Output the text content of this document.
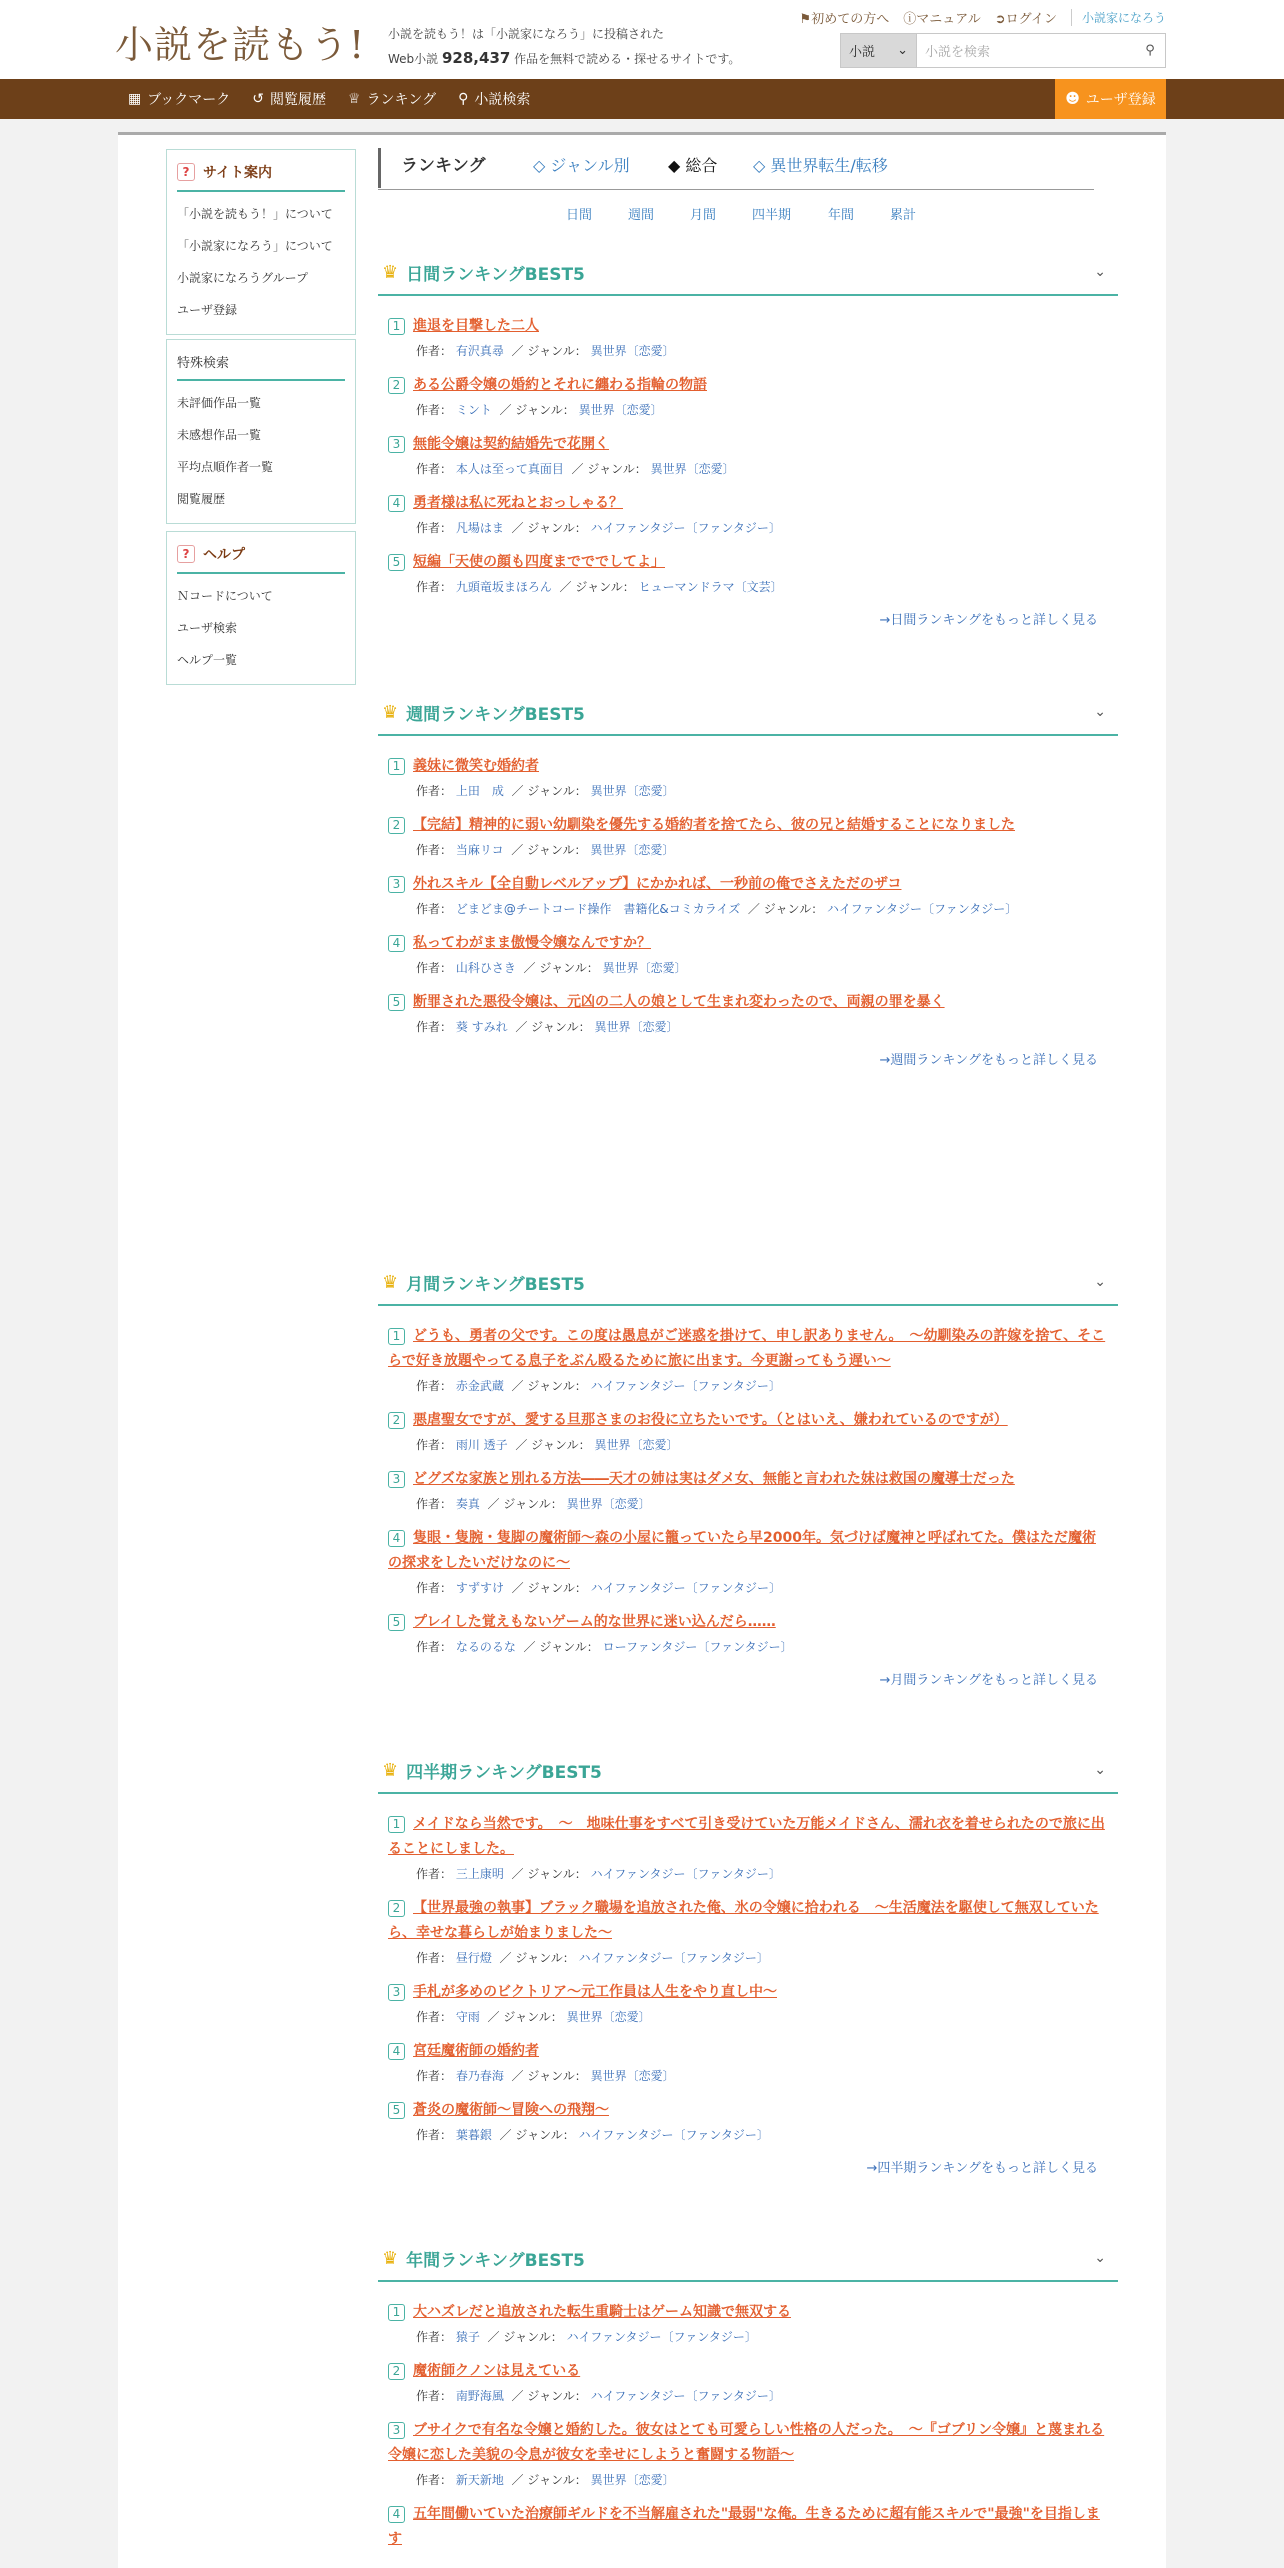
小説を読もう! 小説を読もう！は「小説家になろう」に投稿された
Web小説 928,437 作品を無料で読める・探せるサイトです。
⚑初めての方へ ⓘマニュアル ➲ログイン	小説家になろう
小説 ⌄	小説を検索	⚲
▦ ブックマーク ↺ 閲覧履歴 ♕ ランキング ⚲ 小説検索	☻ ユーザ登録
? サイト案内
「小説を読もう！」について
「小説家になろう」について
小説家になろうグループ
ユーザ登録
特殊検索
未評価作品一覧
未感想作品一覧
平均点順作者一覧
閲覧履歴
? ヘルプ
Ｎコードについて
ユーザ検索
ヘルプ一覧
ランキング	◇ ジャンル別 ◆ 総合 ◇ 異世界転生/転移
日間	週間	月間	四半期	年間	累計
♛ 日間ランキングBEST5	⌄
1 進退を目撃した二人
作者： 有沢真尋 ／ ジャンル： 異世界〔恋愛〕
2 ある公爵令嬢の婚約とそれに纏わる指輪の物語
作者： ミント ／ ジャンル： 異世界〔恋愛〕
3 無能令嬢は契約結婚先で花開く
作者： 本人は至って真面目 ／ ジャンル： 異世界〔恋愛〕
4 勇者様は私に死ねとおっしゃる？
作者： 凡場はま ／ ジャンル： ハイファンタジー〔ファンタジー〕
5 短編「天使の顔も四度までででしてよ」
作者： 九頭竜坂まほろん ／ ジャンル： ヒューマンドラマ〔文芸〕
→日間ランキングをもっと詳しく見る
♛ 週間ランキングBEST5	⌄
1 義妹に微笑む婚約者
作者： 上田　成 ／ ジャンル： 異世界〔恋愛〕
2 【完結】精神的に弱い幼馴染を優先する婚約者を捨てたら、彼の兄と結婚することになりました
作者： 当麻リコ ／ ジャンル： 異世界〔恋愛〕
3 外れスキル【全自動レベルアップ】にかかれば、一秒前の俺でさえただのザコ
作者： どまどま@チートコード操作　書籍化&コミカライズ ／ ジャンル： ハイファンタジー〔ファンタジー〕
4 私ってわがまま傲慢令嬢なんですか？
作者： 山科ひさき ／ ジャンル： 異世界〔恋愛〕
5 断罪された悪役令嬢は、元凶の二人の娘として生まれ変わったので、両親の罪を暴く
作者： 葵 すみれ ／ ジャンル： 異世界〔恋愛〕
→週間ランキングをもっと詳しく見る
♛ 月間ランキングBEST5	⌄
1 どうも、勇者の父です。この度は愚息がご迷惑を掛けて、申し訳ありません。　〜幼馴染みの許嫁を捨て、そこらで好き放題やってる息子をぶん殴るために旅に出ます。今更謝ってもう遅い〜
作者： 赤金武蔵 ／ ジャンル： ハイファンタジー〔ファンタジー〕
2 悪虐聖女ですが、愛する旦那さまのお役に立ちたいです。（とはいえ、嫌われているのですが）
作者： 雨川 透子 ／ ジャンル： 異世界〔恋愛〕
3 どグズな家族と別れる方法――天才の姉は実はダメ女、無能と言われた妹は救国の魔導士だった
作者： 奏真 ／ ジャンル： 異世界〔恋愛〕
4 隻眼・隻腕・隻脚の魔術師～森の小屋に籠っていたら早2000年。気づけば魔神と呼ばれてた。僕はただ魔術の探求をしたいだけなのに～
作者： すずすけ ／ ジャンル： ハイファンタジー〔ファンタジー〕
5 プレイした覚えもないゲーム的な世界に迷い込んだら……
作者： なるのるな ／ ジャンル： ローファンタジー〔ファンタジー〕
→月間ランキングをもっと詳しく見る
♛ 四半期ランキングBEST5	⌄
1 メイドなら当然です。　～　地味仕事をすべて引き受けていた万能メイドさん、濡れ衣を着せられたので旅に出ることにしました。
作者： 三上康明 ／ ジャンル： ハイファンタジー〔ファンタジー〕
2 【世界最強の執事】ブラック職場を追放された俺、氷の令嬢に拾われる　～生活魔法を駆使して無双していたら、幸せな暮らしが始まりました～
作者： 昼行燈 ／ ジャンル： ハイファンタジー〔ファンタジー〕
3 手札が多めのビクトリア〜元工作員は人生をやり直し中〜
作者： 守雨 ／ ジャンル： 異世界〔恋愛〕
4 宮廷魔術師の婚約者
作者： 春乃春海 ／ ジャンル： 異世界〔恋愛〕
5 蒼炎の魔術師〜冒険への飛翔〜
作者： 葉暮銀 ／ ジャンル： ハイファンタジー〔ファンタジー〕
→四半期ランキングをもっと詳しく見る
♛ 年間ランキングBEST5	⌄
1 大ハズレだと追放された転生重騎士はゲーム知識で無双する
作者： 猿子 ／ ジャンル： ハイファンタジー〔ファンタジー〕
2 魔術師クノンは見えている
作者： 南野海風 ／ ジャンル： ハイファンタジー〔ファンタジー〕
3 ブサイクで有名な令嬢と婚約した。彼女はとても可愛らしい性格の人だった。　～『ゴブリン令嬢』と蔑まれる令嬢に恋した美貌の令息が彼女を幸せにしようと奮闘する物語～
作者： 新天新地 ／ ジャンル： 異世界〔恋愛〕
4 五年間働いていた治療師ギルドを不当解雇された"最弱"な俺。生きるために超有能スキルで"最強"を目指します
